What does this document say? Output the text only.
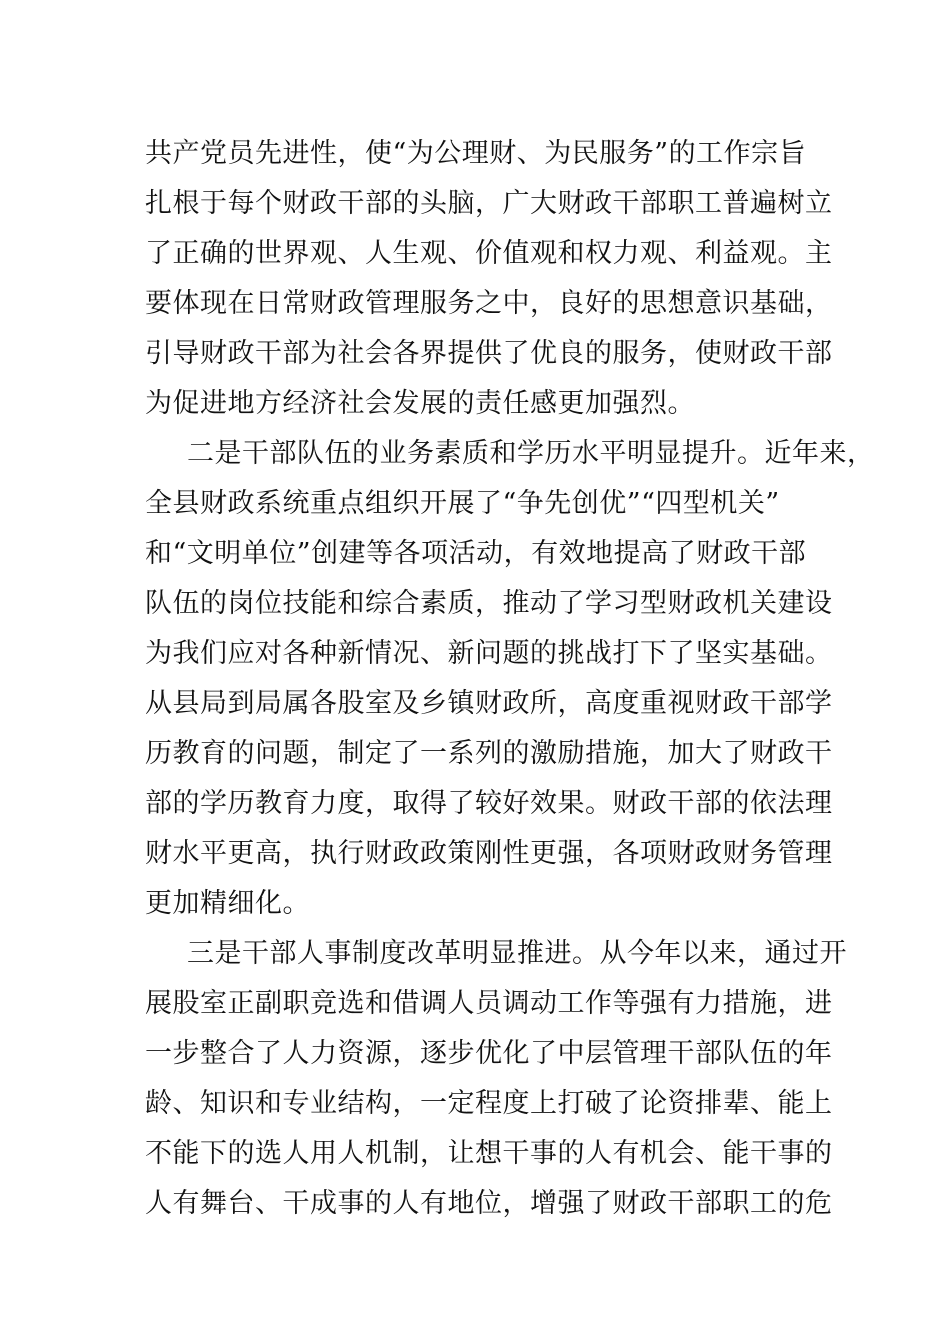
共产党员先进性，使“为公理财、为民服务”的工作宗旨
扎根于每个财政干部的头脑，广大财政干部职工普遍树立
了正确的世界观、人生观、价值观和权力观、利益观。主
要体现在日常财政管理服务之中，良好的思想意识基础，
引导财政干部为社会各界提供了优良的服务，使财政干部
为促进地方经济社会发展的责任感更加强烈。
二是干部队伍的业务素质和学历水平明显提升。近年来，
全县财政系统重点组织开展了“争先创优”“四型机关”
和“文明单位”创建等各项活动，有效地提高了财政干部
队伍的岗位技能和综合素质，推动了学习型财政机关建设
为我们应对各种新情况、新问题的挑战打下了坚实基础。
从县局到局属各股室及乡镇财政所，高度重视财政干部学
历教育的问题，制定了一系列的激励措施，加大了财政干
部的学历教育力度，取得了较好效果。财政干部的依法理
财水平更高，执行财政政策刚性更强，各项财政财务管理
更加精细化。
三是干部人事制度改革明显推进。从今年以来，通过开
展股室正副职竞选和借调人员调动工作等强有力措施，进
一步整合了人力资源，逐步优化了中层管理干部队伍的年
龄、知识和专业结构，一定程度上打破了论资排辈、能上
不能下的选人用人机制，让想干事的人有机会、能干事的
人有舞台、干成事的人有地位，增强了财政干部职工的危
